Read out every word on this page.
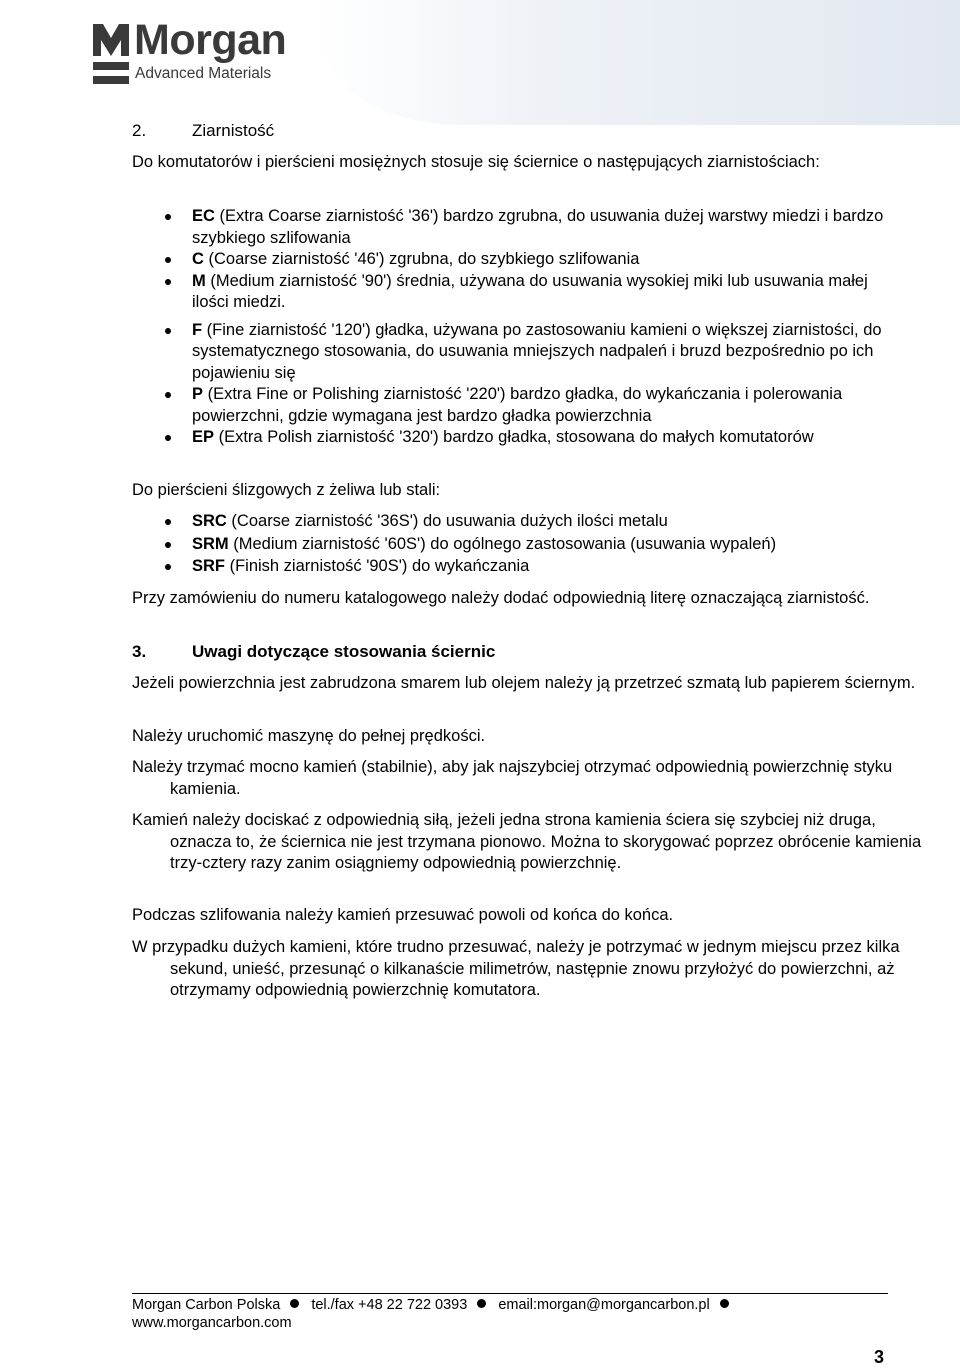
Morgan
Advanced Materials
2.	Ziarnistość
Do komutatorów i pierścieni mosiężnych stosuje się ściernice o następujących ziarnistościach:
EC (Extra Coarse ziarnistość '36') bardzo zgrubna, do usuwania dużej warstwy miedzi i bardzo szybkiego szlifowania
C (Coarse ziarnistość '46') zgrubna, do szybkiego szlifowania
M (Medium ziarnistość '90') średnia, używana do usuwania wysokiej miki lub usuwania małej ilości miedzi.
F (Fine ziarnistość '120') gładka, używana po zastosowaniu kamieni o większej ziarnistości, do systematycznego stosowania, do usuwania mniejszych nadpaleń i bruzd bezpośrednio po ich pojawieniu się
P (Extra Fine or Polishing ziarnistość '220') bardzo gładka, do wykańczania i polerowania powierzchni, gdzie wymagana jest bardzo gładka powierzchnia
EP (Extra Polish ziarnistość '320') bardzo gładka, stosowana do małych komutatorów
Do pierścieni ślizgowych z żeliwa lub stali:
SRC (Coarse ziarnistość '36S') do usuwania dużych ilości metalu
SRM (Medium ziarnistość '60S') do ogólnego zastosowania (usuwania wypaleń)
SRF (Finish ziarnistość '90S') do wykańczania
Przy zamówieniu do numeru katalogowego należy dodać odpowiednią literę oznaczającą ziarnistość.
3.	Uwagi dotyczące stosowania ściernic
Jeżeli powierzchnia jest zabrudzona smarem lub olejem należy ją przetrzeć szmatą lub papierem ściernym.
Należy uruchomić maszynę do pełnej prędkości.
Należy trzymać mocno kamień (stabilnie), aby jak najszybciej otrzymać odpowiednią powierzchnię styku kamienia.
Kamień należy dociskać z odpowiednią siłą, jeżeli jedna strona kamienia ściera się szybciej niż druga, oznacza to, że ściernica nie jest trzymana pionowo. Można to skorygować poprzez obrócenie kamienia trzy-cztery razy zanim osiągniemy odpowiednią powierzchnię.
Podczas szlifowania należy kamień przesuwać powoli od końca do końca.
W przypadku dużych kamieni, które trudno przesuwać, należy je potrzymać w jednym miejscu przez kilka sekund, unieść, przesunąć o kilkanaście milimetrów, następnie znowu przyłożyć do powierzchni, aż otrzymamy odpowiednią powierzchnię komutatora.
Morgan Carbon Polska tel./fax +48 22 722 0393 email:morgan@morgancarbon.pl
www.morgancarbon.com
3
